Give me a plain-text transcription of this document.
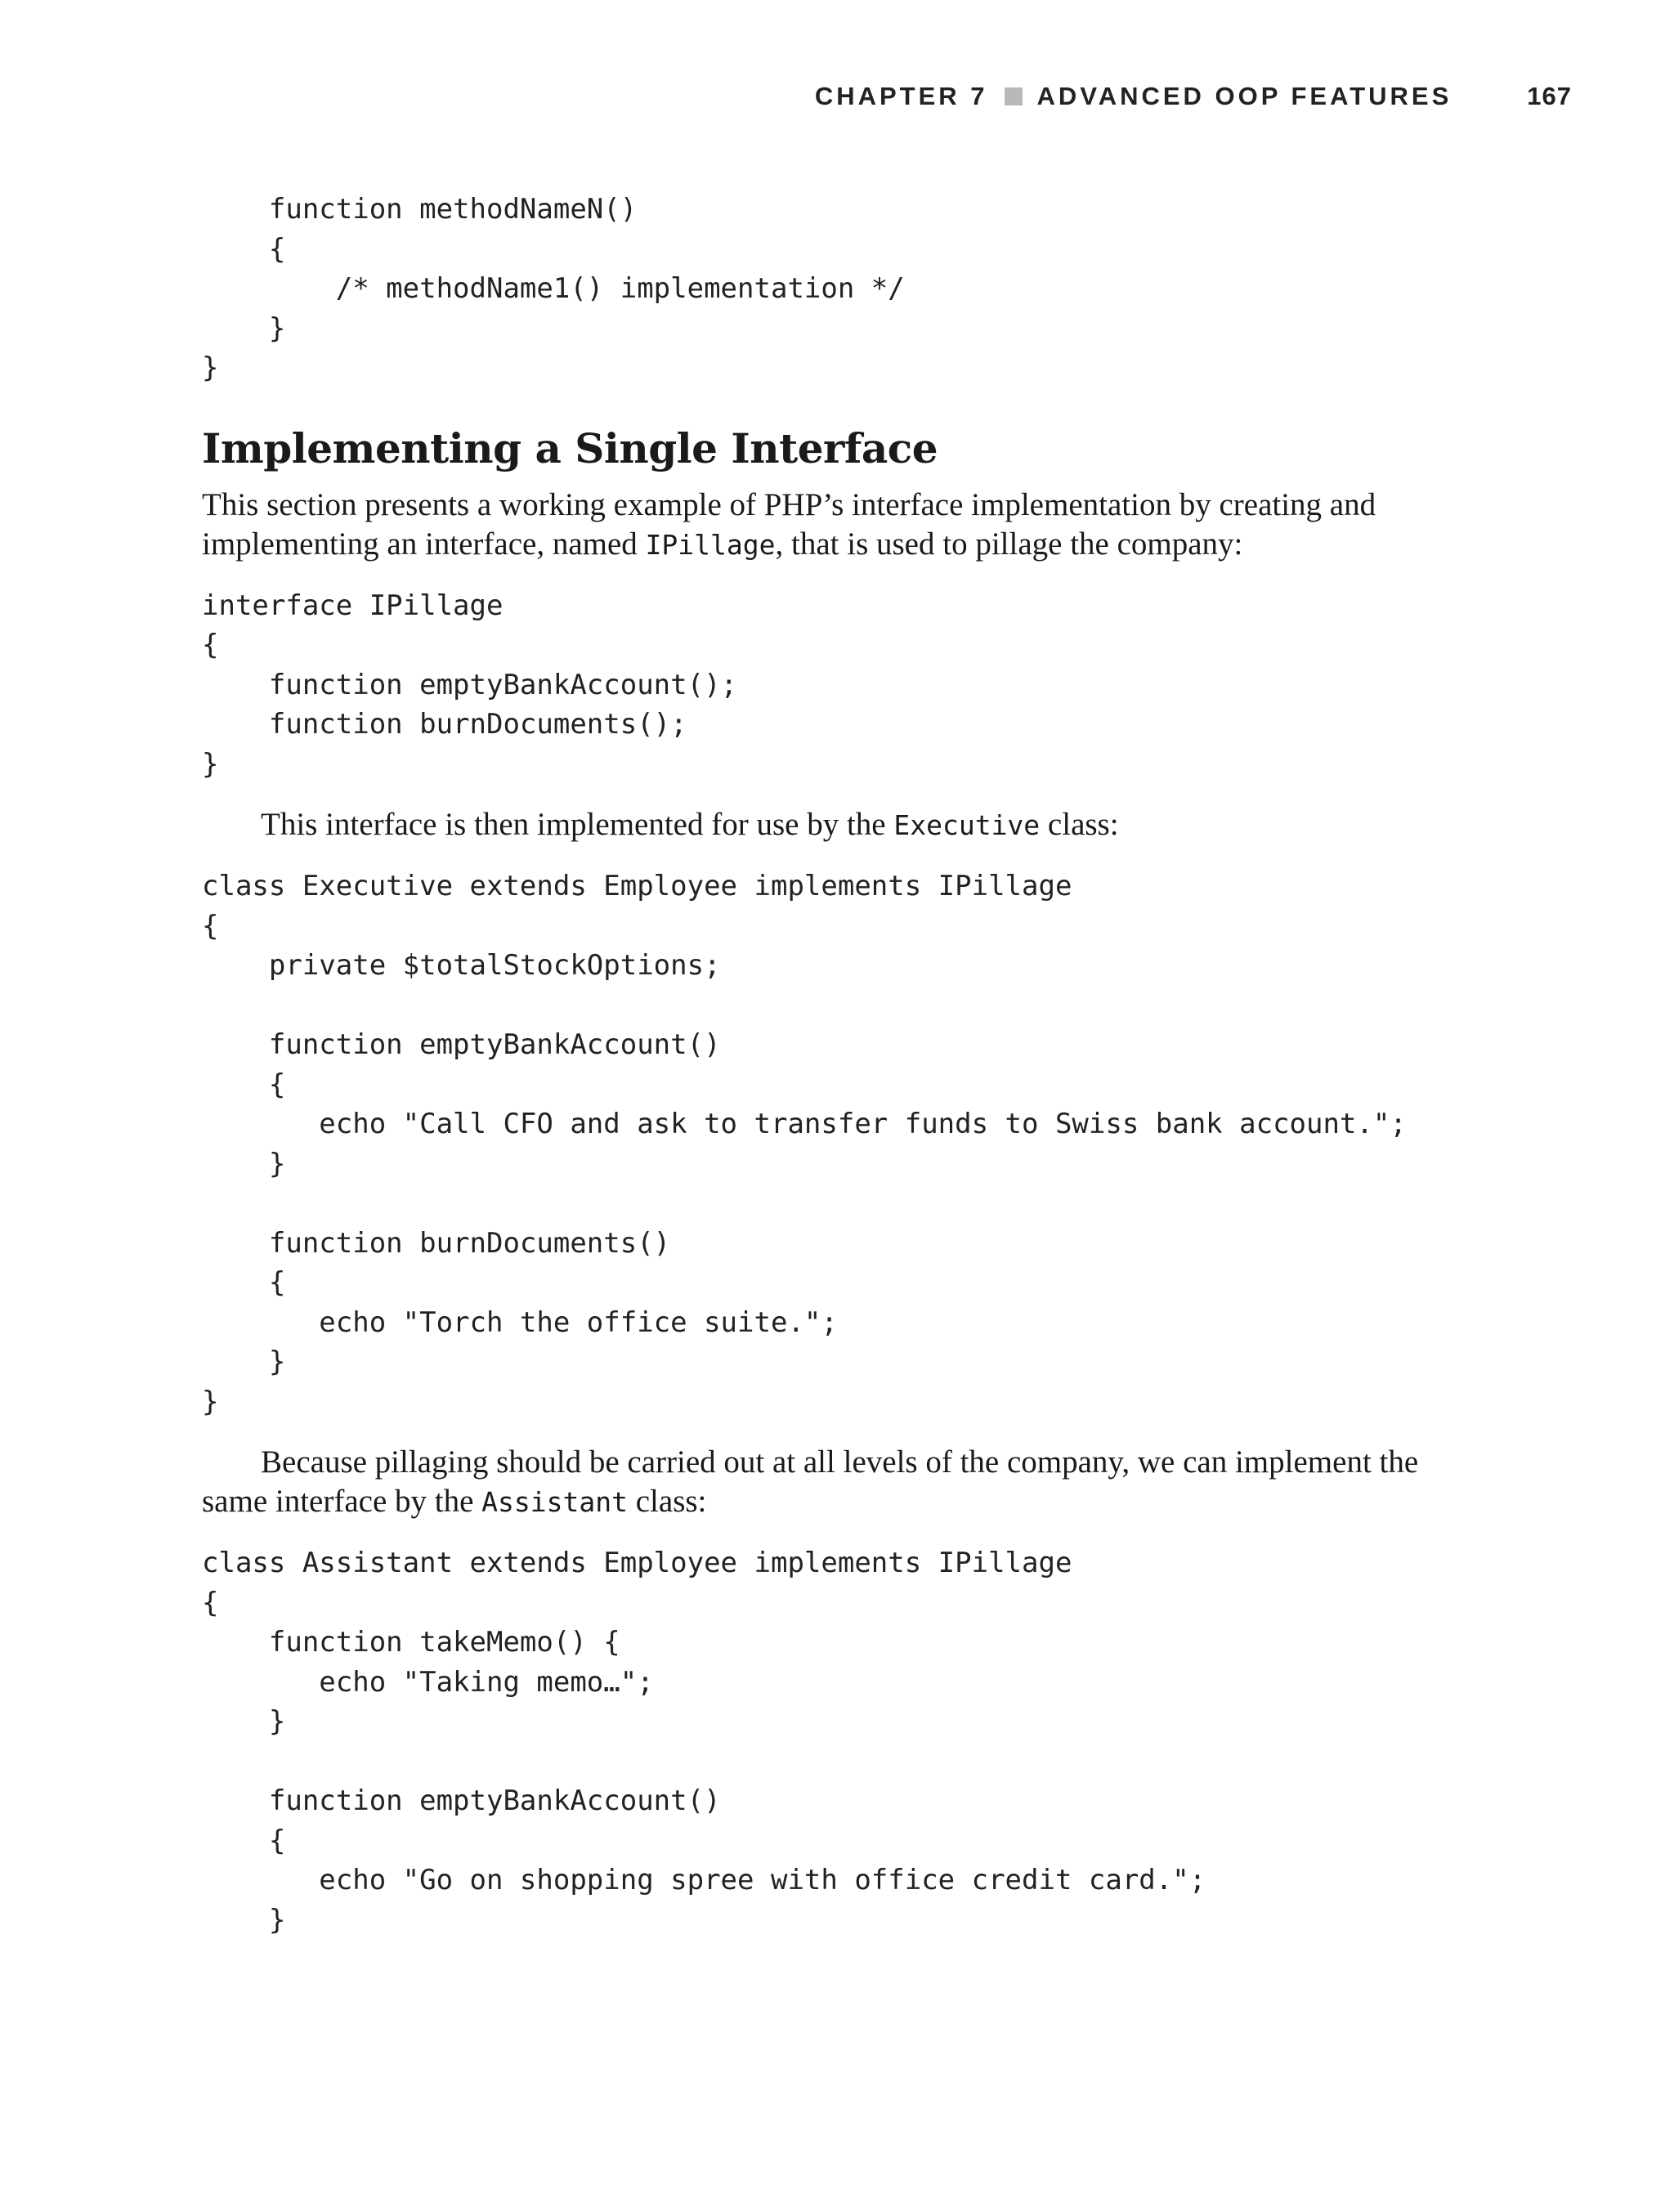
CHAPTER 7 ADVANCED OOP FEATURES	167
function methodNameN()
{
/* methodName1() implementation */
}
}
Implementing a Single Interface

This section presents a working example of PHP’s interface implementation by creating and implementing an interface, named IPillage, that is used to pillage the company:

interface IPillage
{
function emptyBankAccount();
function burnDocuments();
}

This interface is then implemented for use by the Executive class:

class Executive extends Employee implements IPillage
{
private $totalStockOptions;

function emptyBankAccount()
{
echo "Call CFO and ask to transfer funds to Swiss bank account.";
}

function burnDocuments()
{
echo "Torch the office suite.";
}
}

Because pillaging should be carried out at all levels of the company, we can implement the same interface by the Assistant class:

class Assistant extends Employee implements IPillage
{
function takeMemo() {
echo "Taking memo…";
}

function emptyBankAccount()
{
echo "Go on shopping spree with office credit card.";
}
